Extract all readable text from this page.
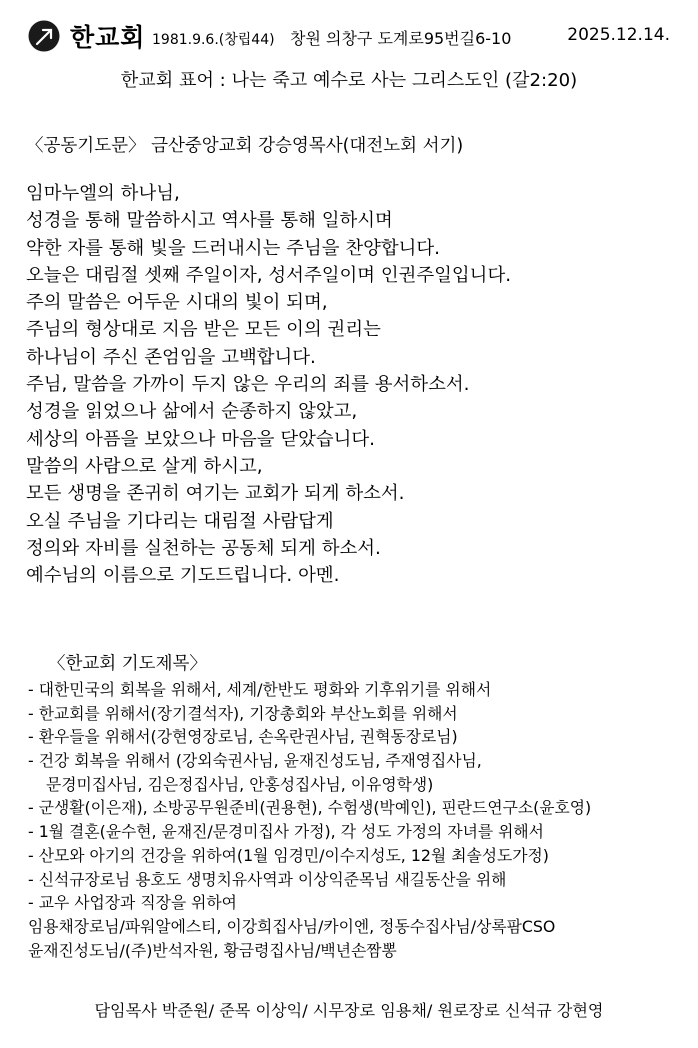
한교회 1981.9.6.(창립44) 창원 의창구 도계로95번길6-10	2025.12.14.
한교회 표어 : 나는 죽고 예수로 사는 그리스도인 (갈2:20)
〈공동기도문〉 금산중앙교회 강승영목사(대전노회 서기)
임마누엘의 하나님,
성경을 통해 말씀하시고 역사를 통해 일하시며
약한 자를 통해 빛을 드러내시는 주님을 찬양합니다.
오늘은 대림절 셋째 주일이자, 성서주일이며 인권주일입니다.
주의 말씀은 어두운 시대의 빛이 되며,
주님의 형상대로 지음 받은 모든 이의 권리는
하나님이 주신 존엄임을 고백합니다.
주님, 말씀을 가까이 두지 않은 우리의 죄를 용서하소서.
성경을 읽었으나 삶에서 순종하지 않았고,
세상의 아픔을 보았으나 마음을 닫았습니다.
말씀의 사람으로 살게 하시고,
모든 생명을 존귀히 여기는 교회가 되게 하소서.
오실 주님을 기다리는 대림절 사람답게
정의와 자비를 실천하는 공동체 되게 하소서.
예수님의 이름으로 기도드립니다. 아멘.
〈한교회 기도제목〉
- 대한민국의 회복을 위해서, 세계/한반도 평화와 기후위기를 위해서
- 한교회를 위해서(장기결석자), 기장총회와 부산노회를 위해서
- 환우들을 위해서(강현영장로님, 손옥란권사님, 권혁동장로님)
- 건강 회복을 위해서 (강외숙권사님, 윤재진성도님, 주재영집사님,
문경미집사님, 김은정집사님, 안홍성집사님, 이유영학생)
- 군생활(이은재), 소방공무원준비(권용현), 수험생(박예인), 핀란드연구소(윤호영)
- 1월 결혼(윤수현, 윤재진/문경미집사 가정), 각 성도 가정의 자녀를 위해서
- 산모와 아기의 건강을 위하여(1월 임경민/이수지성도, 12월 최솔성도가정)
- 신석규장로님 용호도 생명치유사역과 이상익준목님 새길동산을 위해
- 교우 사업장과 직장을 위하여
임용채장로님/파워알에스티, 이강희집사님/카이엔, 정동수집사님/상록팜CSO
윤재진성도님/(주)반석자원, 황금령집사님/백년손짬뽕
담임목사 박준원/ 준목 이상익/ 시무장로 임용채/ 원로장로 신석규 강현영
